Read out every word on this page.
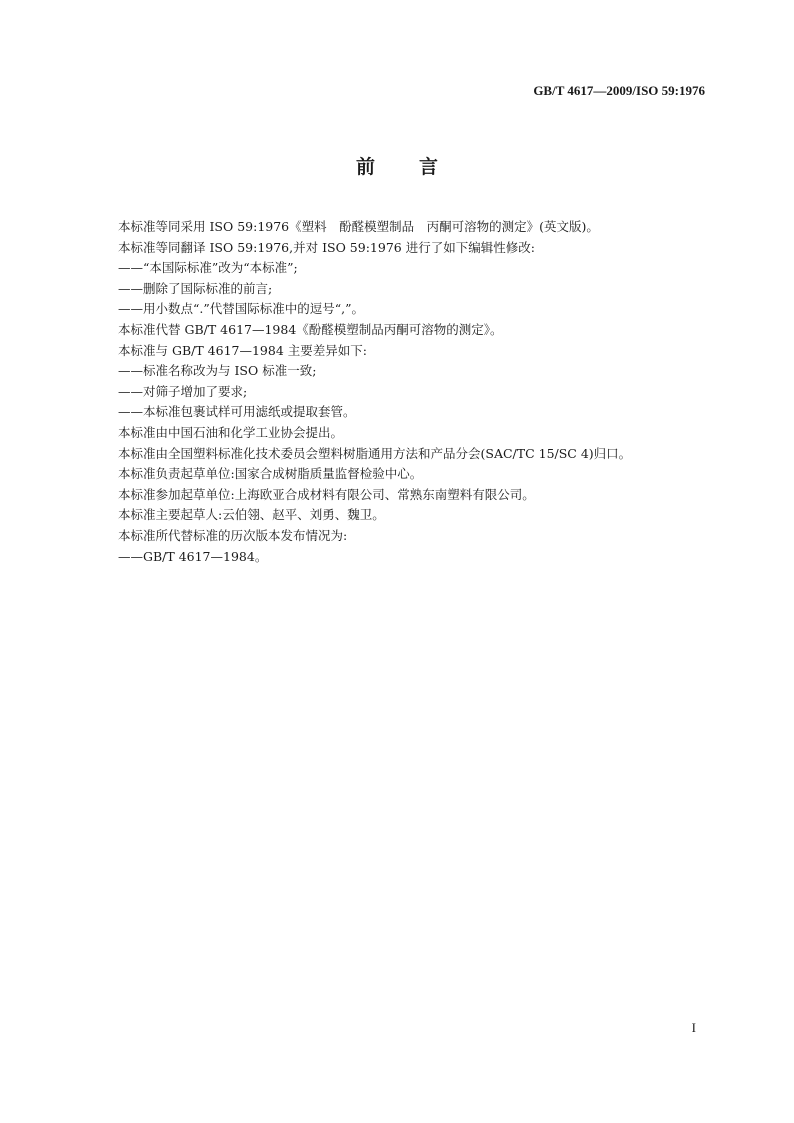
GB/T 4617—2009/ISO 59:1976
前言
本标准等同采用 ISO 59:1976《塑料　酚醛模塑制品　丙酮可溶物的测定》(英文版)。
本标准等同翻译 ISO 59:1976,并对 ISO 59:1976 进行了如下编辑性修改:
——“本国际标准”改为“本标准”;
——删除了国际标准的前言;
——用小数点“.”代替国际标准中的逗号“,”。
本标准代替 GB/T 4617—1984《酚醛模塑制品丙酮可溶物的测定》。
本标准与 GB/T 4617—1984 主要差异如下:
——标准名称改为与 ISO 标准一致;
——对筛子增加了要求;
——本标准包裹试样可用滤纸或提取套管。
本标准由中国石油和化学工业协会提出。
本标准由全国塑料标准化技术委员会塑料树脂通用方法和产品分会(SAC/TC 15/SC 4)归口。
本标准负责起草单位:国家合成树脂质量监督检验中心。
本标准参加起草单位:上海欧亚合成材料有限公司、常熟东南塑料有限公司。
本标准主要起草人:云伯翎、赵平、刘勇、魏卫。
本标准所代替标准的历次版本发布情况为:
——GB/T 4617—1984。
I
